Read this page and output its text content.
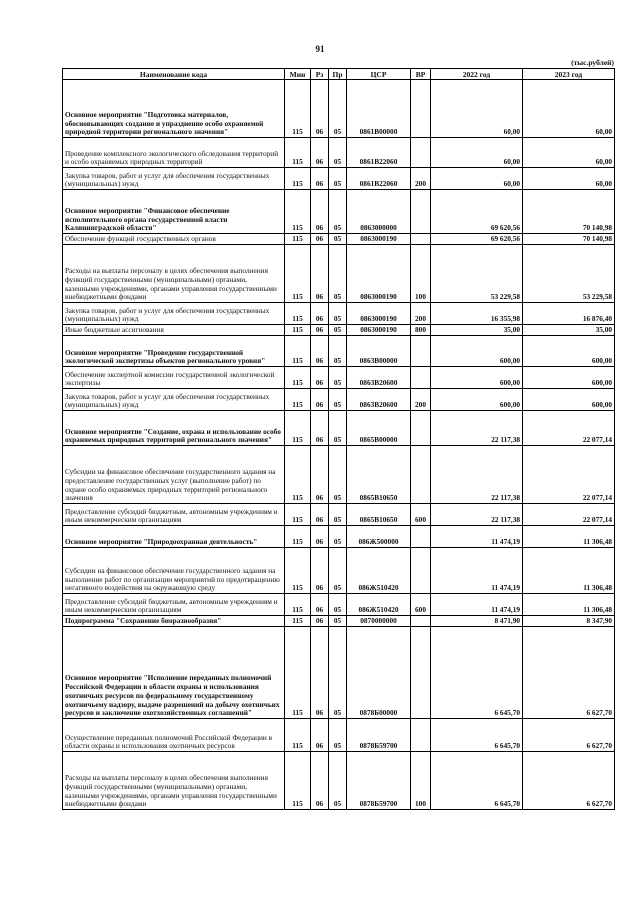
91
(тыс.рублей)
Наименование кода	Мин	Рз	Пр	ЦСР	ВР	2022 год	2023 год
Основное мероприятие "Подготовка материалов, обосновывающих создание и упразднение особо охраняемой природной территории регионального значения"	115	06	05	0861В00000		60,00	60,00
Проведение комплексного экологического обследования территорий и особо охраняемых природных территорий	115	06	05	0861В22060		60,00	60,00
Закупка товаров, работ и услуг для обеспечения государственных (муниципальных) нужд	115	06	05	0861В22060	200	60,00	60,00
Основное мероприятие "Финансовое обеспечение исполнительного органа государственной власти Калининградской области"	115	06	05	0863000000		69 620,56	70 140,98
Обеспечение функций государственных органов	115	06	05	0863000190		69 620,56	70 140,98
Расходы на выплаты персоналу в целях обеспечения выполнения функций государственными (муниципальными) органами, казенными учреждениями, органами управления государственными внебюджетными фондами	115	06	05	0863000190	100	53 229,58	53 229,58
Закупка товаров, работ и услуг для обеспечения государственных (муниципальных) нужд	115	06	05	0863000190	200	16 355,98	16 876,40
Иные бюджетные ассигнования	115	06	05	0863000190	800	35,00	35,00
Основное мероприятие "Проведение государственной экологической экспертизы объектов регионального уровня"	115	06	05	0863В00000		600,00	600,00
Обеспечение экспертной комиссии государственной экологической экспертизы	115	06	05	0863В20600		600,00	600,00
Закупка товаров, работ и услуг для обеспечения государственных (муниципальных) нужд	115	06	05	0863В20600	200	600,00	600,00
Основное мероприятие "Создание, охрана и использование особо охраняемых природных территорий регионального значения"	115	06	05	0865В00000		22 117,38	22 077,14
Субсидии на финансовое обеспечение государственного задания на предоставление государственных услуг (выполнение работ) по охране особо охраняемых природных территорий регионального значения	115	06	05	0865В10650		22 117,38	22 077,14
Предоставление субсидий бюджетным, автономным учреждениям и иным некоммерческим организациям	115	06	05	0865В10650	600	22 117,38	22 077,14
Основное мероприятие "Природоохранная деятельность"	115	06	05	086Ж500000		11 474,19	11 306,48
Субсидии на финансовое обеспечение государственного задания на выполнение работ по организации мероприятий по предотвращению негативного воздействия на окружающую среду	115	06	05	086Ж510420		11 474,19	11 306,48
Предоставление субсидий бюджетным, автономным учреждениям и иным некоммерческим организациям	115	06	05	086Ж510420	600	11 474,19	11 306,48
Подпрограмма "Сохранение биоразнообразия"	115	06	05	0870000000		8 471,90	8 347,90
Основное мероприятие "Исполнение переданных полномочий Российской Федерации в области охраны и использования охотничьих ресурсов по федеральному государственному охотничьему надзору, выдаче разрешений на добычу охотничьих ресурсов и заключение охотхозяйственных соглашений"	115	06	05	0878Б00000		6 645,70	6 627,70
Осуществление переданных полномочий Российской Федерации в области охраны и использования охотничьих ресурсов	115	06	05	0878Б59700		6 645,70	6 627,70
Расходы на выплаты персоналу в целях обеспечения выполнения функций государственными (муниципальными) органами, казенными учреждениями, органами управления государственными внебюджетными фондами	115	06	05	0878Б59700	100	6 645,70	6 627,70
